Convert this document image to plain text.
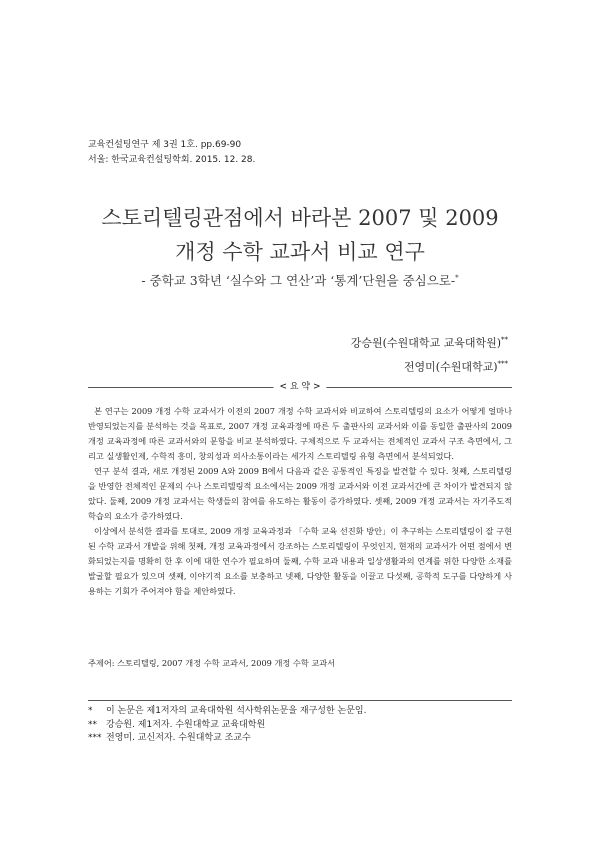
교육컨설팅연구 제 3권 1호. pp.69-90
서울: 한국교육컨설팅학회. 2015. 12. 28.
스토리텔링관점에서 바라본 2007 및 2009
개정 수학 교과서 비교 연구
- 중학교 3학년 ‘실수와 그 연산’과 ‘통계’단원을 중심으로-*
강승원(수원대학교 교육대학원)**
전영미(수원대학교)***
< 요 약 >

본 연구는 2009 개정 수학 교과서가 이전의 2007 개정 수학 교과서와 비교하여 스토리텔링의 요소가 어떻게 얼마나 반영되었는지를 분석하는 것을 목표로, 2007 개정 교육과정에 따른 두 출판사의 교과서와 이를 동일한 출판사의 2009 개정 교육과정에 따른 교과서와의 문항을 비교 분석하였다. 구체적으로 두 교과서는 전체적인 교과서 구조 측면에서, 그리고 실생활인제, 수학적 흥미, 창의성과 의사소통이라는 세가지 스토리텔링 유형 측면에서 분석되었다.

연구 분석 결과, 새로 개정된 2009 A와 2009 B에서 다음과 같은 공통적인 특징을 발견할 수 있다. 첫째, 스토리텔링을 반영한 전체적인 문제의 수나 스토리텔링적 요소에서는 2009 개정 교과서와 이전 교과서간에 큰 차이가 발견되지 않았다. 둘째, 2009 개정 교과서는 학생들의 참여를 유도하는 활동이 증가하였다. 셋째, 2009 개정 교과서는 자기주도적 학습의 요소가 증가하였다.

이상에서 분석한 결과를 토대로, 2009 개정 교육과정과 「수학 교육 선진화 방안」이 추구하는 스토리텔링이 잘 구현된 수학 교과서 개발을 위해 첫째, 개정 교육과정에서 강조하는 스토리텔링이 무엇인지, 현재의 교과서가 어떤 점에서 변화되었는지를 명확히 한 후 이에 대한 연수가 필요하며 둘째, 수학 교과 내용과 일상생활과의 연계를 위한 다양한 소재를 발굴할 필요가 있으며 셋째, 이야기적 요소를 보충하고 넷째, 다양한 활동을 이끌고 다섯째, 공학적 도구를 다양하게 사용하는 기회가 주어져야 함을 제안하였다.

주제어: 스토리텔링, 2007 개정 수학 교과서, 2009 개정 수학 교과서
* 이 논문은 제1저자의 교육대학원 석사학위논문을 재구성한 논문임.
** 강승원. 제1저자. 수원대학교 교육대학원
*** 전영미. 교신저자. 수원대학교 조교수
